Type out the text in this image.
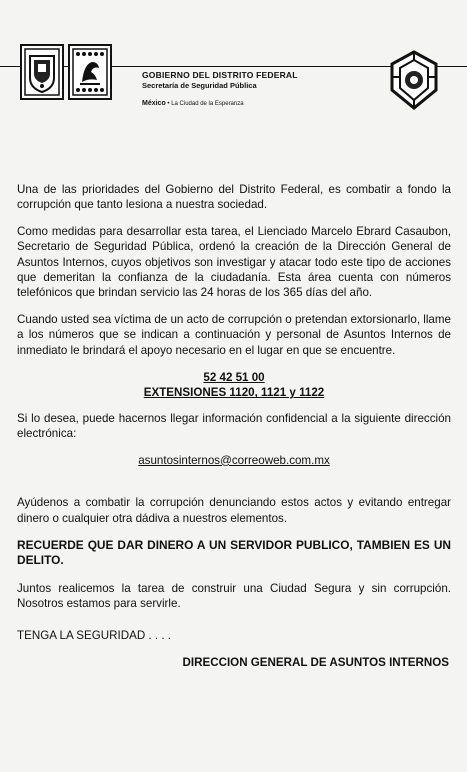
GOBIERNO DEL DISTRITO FEDERAL
Secretaría de Seguridad Pública
México • La Ciudad de la Esperanza

Una de las prioridades del Gobierno del Distrito Federal, es combatir a fondo la corrupción que tanto lesiona a nuestra sociedad.

Como medidas para desarrollar esta tarea, el Lienciado Marcelo Ebrard Casaubon, Secretario de Seguridad Pública, ordenó la creación de la Dirección General de Asuntos Internos, cuyos objetivos son investigar y atacar todo este tipo de acciones que demeritan la confianza de la ciudadanía. Esta área cuenta con números telefónicos que brindan servicio las 24 horas de los 365 días del año.

Cuando usted sea víctima de un acto de corrupción o pretendan extorsionarlo, llame a los números que se indican a continuación y personal de Asuntos Internos de inmediato le brindará el apoyo necesario en el lugar en que se encuentre.

52 42 51 00

EXTENSIONES 1120, 1121 y 1122

Si lo desea, puede hacernos llegar información confidencial a la siguiente dirección electrónica:

asuntosinternos@correoweb.com.mx

Ayúdenos a combatir la corrupción denunciando estos actos y evitando entregar dinero o cualquier otra dádiva a nuestros elementos.

RECUERDE QUE DAR DINERO A UN SERVIDOR PUBLICO, TAMBIEN ES UN DELITO.

Juntos realicemos la tarea de construir una Ciudad Segura y sin corrupción. Nosotros estamos para servirle.

TENGA LA SEGURIDAD . . . .

DIRECCION GENERAL DE ASUNTOS INTERNOS
